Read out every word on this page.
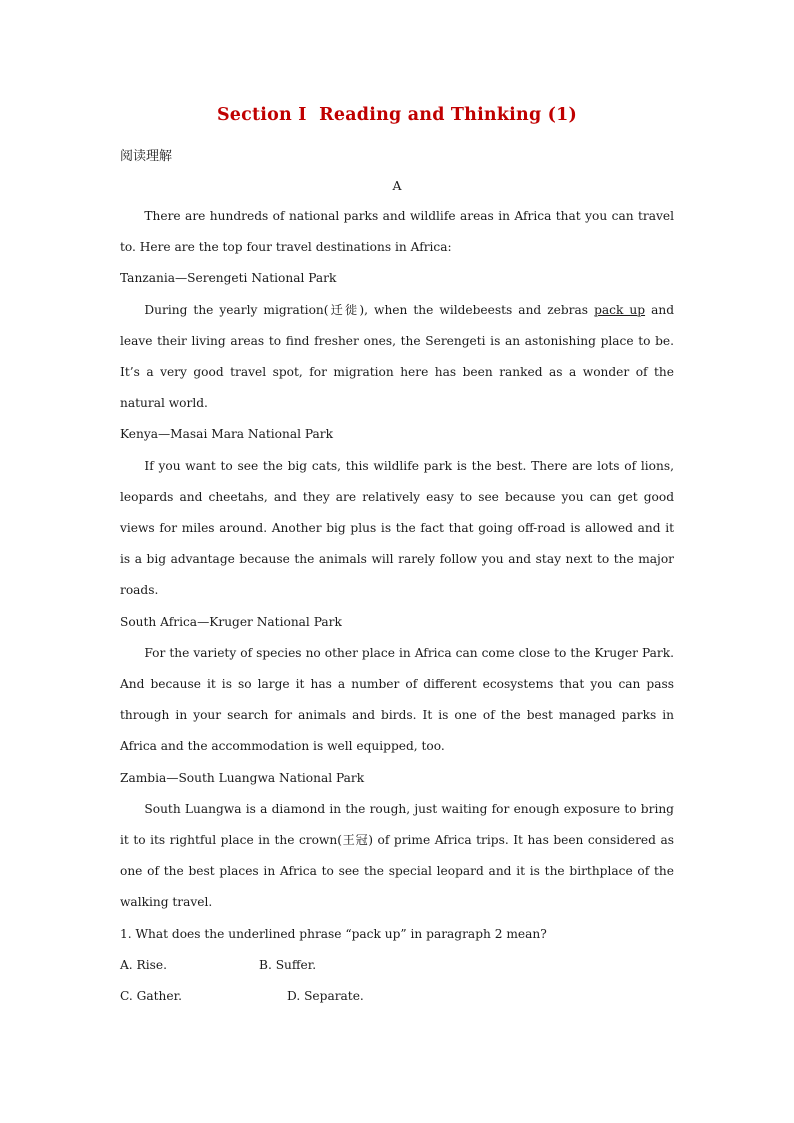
Section Ⅰ  Reading and Thinking (1)
阅读理解
A

There are hundreds of national parks and wildlife areas in Africa that you can travel to. Here are the top four travel destinations in Africa:

Tanzania—Serengeti National Park

During the yearly migration(迁徙), when the wildebeests and zebras pack up and leave their living areas to find fresher ones, the Serengeti is an astonishing place to be. It’s a very good travel spot, for migration here has been ranked as a wonder of the natural world.

Kenya—Masai Mara National Park

If you want to see the big cats, this wildlife park is the best. There are lots of lions, leopards and cheetahs, and they are relatively easy to see because you can get good views for miles around. Another big plus is the fact that going off-road is allowed and it is a big advantage because the animals will rarely follow you and stay next to the major roads.

South Africa—Kruger National Park

For the variety of species no other place in Africa can come close to the Kruger Park. And because it is so large it has a number of different ecosystems that you can pass through in your search for animals and birds. It is one of the best managed parks in Africa and the accommodation is well equipped, too.

Zambia—South Luangwa National Park

South Luangwa is a diamond in the rough, just waiting for enough exposure to bring it to its rightful place in the crown(王冠) of prime Africa trips. It has been considered as one of the best places in Africa to see the special leopard and it is the birthplace of the walking travel.

1. What does the underlined phrase “pack up” in paragraph 2 mean?

A. Rise.	B. Suffer.

C. Gather.	D. Separate.
